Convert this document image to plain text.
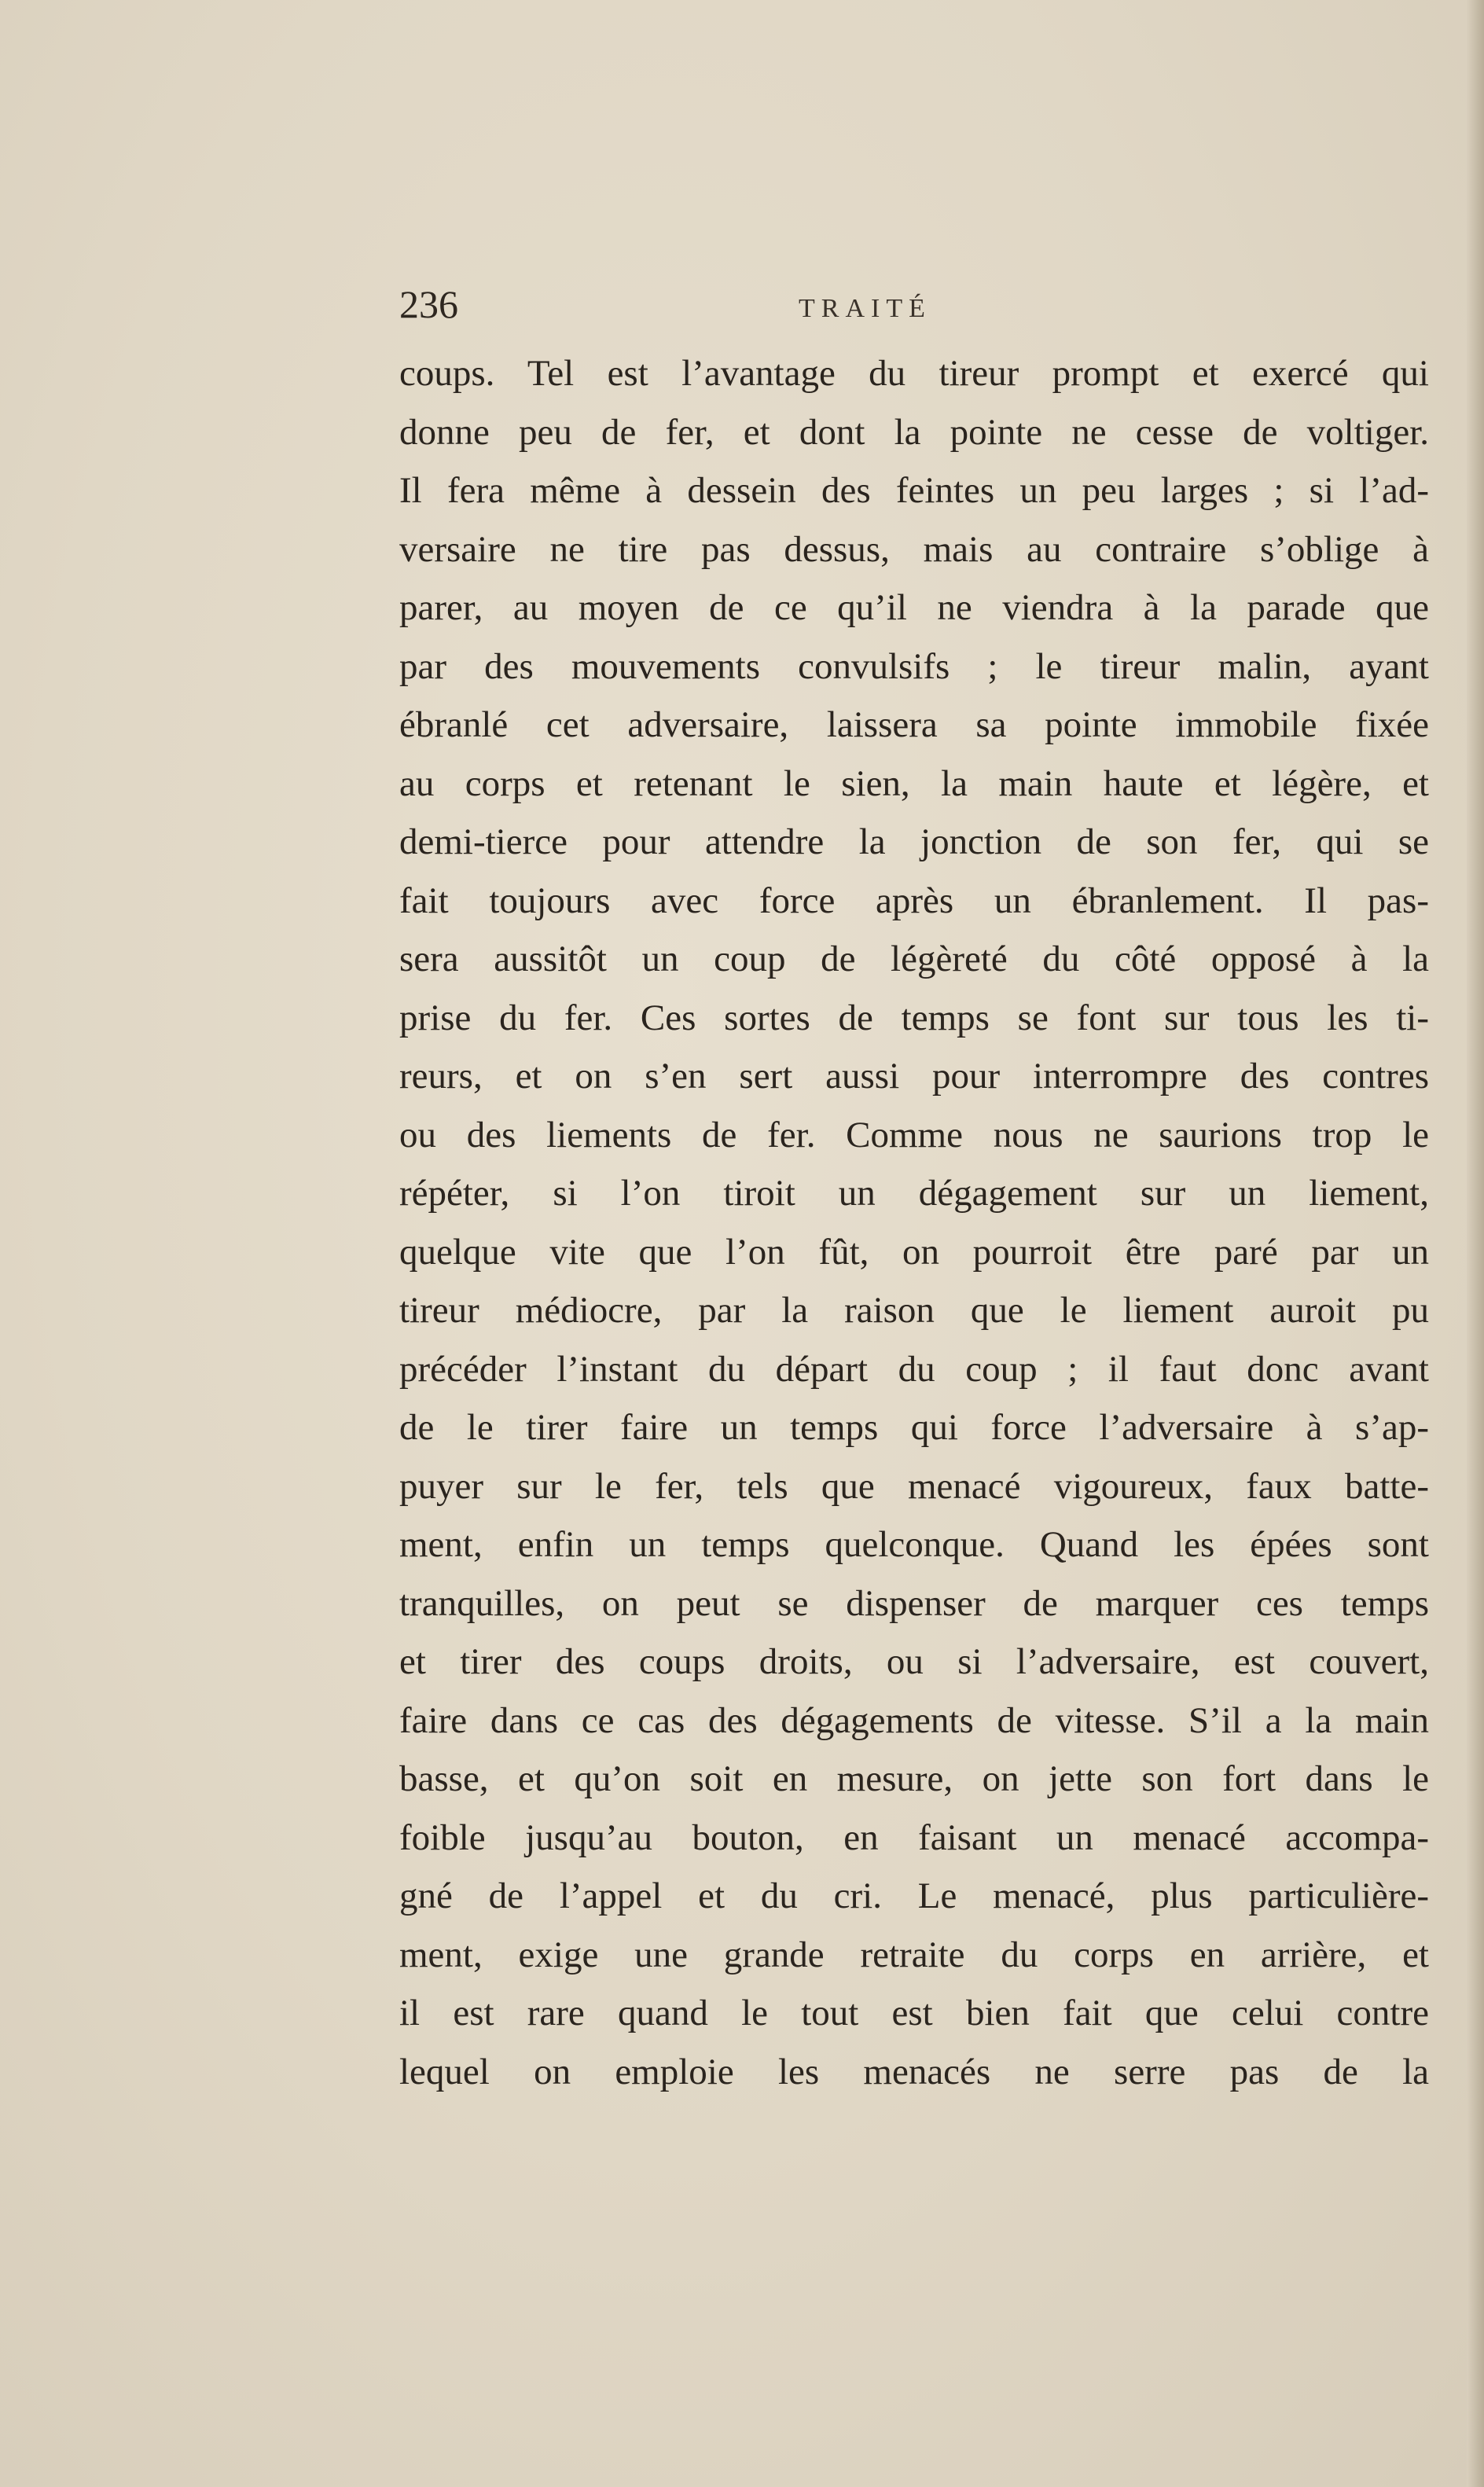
236	TRAITÉ
coups. Tel est l’avantage du tireur prompt et exercé qui
donne peu de fer, et dont la pointe ne cesse de voltiger.
Il fera même à dessein des feintes un peu larges ; si l’ad-
versaire ne tire pas dessus, mais au contraire s’oblige à
parer, au moyen de ce qu’il ne viendra à la parade que
par des mouvements convulsifs ; le tireur malin, ayant
ébranlé cet adversaire, laissera sa pointe immobile fixée
au corps et retenant le sien, la main haute et légère, et
demi-tierce pour attendre la jonction de son fer, qui se
fait toujours avec force après un ébranlement. Il pas-
sera aussitôt un coup de légèreté du côté opposé à la
prise du fer. Ces sortes de temps se font sur tous les ti-
reurs, et on s’en sert aussi pour interrompre des contres
ou des liements de fer. Comme nous ne saurions trop le
répéter, si l’on tiroit un dégagement sur un liement,
quelque vite que l’on fût, on pourroit être paré par un
tireur médiocre, par la raison que le liement auroit pu
précéder l’instant du départ du coup ; il faut donc avant
de le tirer faire un temps qui force l’adversaire à s’ap-
puyer sur le fer, tels que menacé vigoureux, faux batte-
ment, enfin un temps quelconque. Quand les épées sont
tranquilles, on peut se dispenser de marquer ces temps
et tirer des coups droits, ou si l’adversaire, est couvert,
faire dans ce cas des dégagements de vitesse. S’il a la main
basse, et qu’on soit en mesure, on jette son fort dans le
foible jusqu’au bouton, en faisant un menacé accompa-
gné de l’appel et du cri. Le menacé, plus particulière-
ment, exige une grande retraite du corps en arrière, et
il est rare quand le tout est bien fait que celui contre
lequel on emploie les menacés ne serre pas de la
